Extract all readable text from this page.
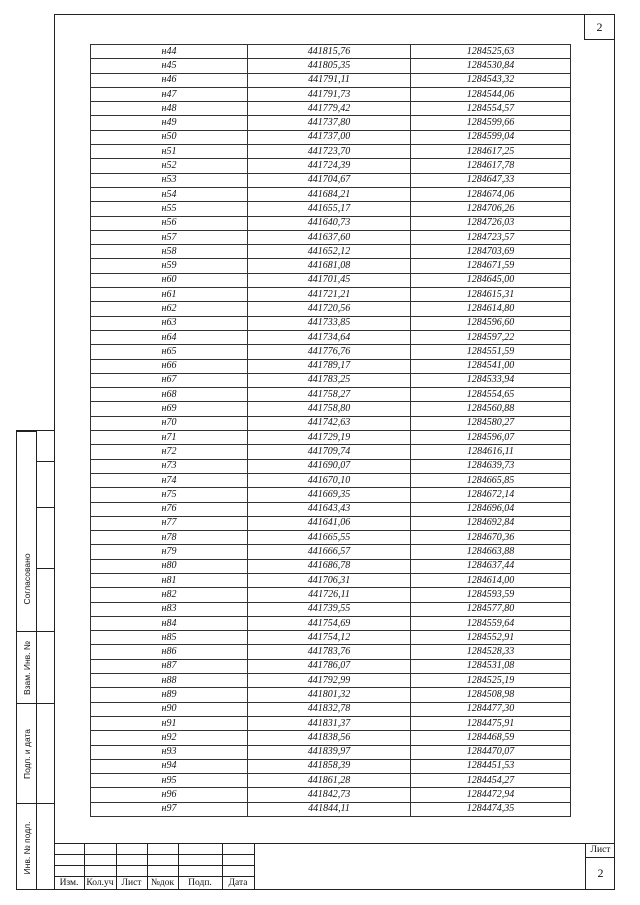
2
н44	441815,76	1284525,63
н45	441805,35	1284530,84
н46	441791,11	1284543,32
н47	441791,73	1284544,06
н48	441779,42	1284554,57
н49	441737,80	1284599,66
н50	441737,00	1284599,04
н51	441723,70	1284617,25
н52	441724,39	1284617,78
н53	441704,67	1284647,33
н54	441684,21	1284674,06
н55	441655,17	1284706,26
н56	441640,73	1284726,03
н57	441637,60	1284723,57
н58	441652,12	1284703,69
н59	441681,08	1284671,59
н60	441701,45	1284645,00
н61	441721,21	1284615,31
н62	441720,56	1284614,80
н63	441733,85	1284596,60
н64	441734,64	1284597,22
н65	441776,76	1284551,59
н66	441789,17	1284541,00
н67	441783,25	1284533,94
н68	441758,27	1284554,65
н69	441758,80	1284560,88
н70	441742,63	1284580,27
н71	441729,19	1284596,07
н72	441709,74	1284616,11
н73	441690,07	1284639,73
н74	441670,10	1284665,85
н75	441669,35	1284672,14
н76	441643,43	1284696,04
н77	441641,06	1284692,84
н78	441665,55	1284670,36
н79	441666,57	1284663,88
н80	441686,78	1284637,44
н81	441706,31	1284614,00
н82	441726,11	1284593,59
н83	441739,55	1284577,80
н84	441754,69	1284559,64
н85	441754,12	1284552,91
н86	441783,76	1284528,33
н87	441786,07	1284531,08
н88	441792,99	1284525,19
н89	441801,32	1284508,98
н90	441832,78	1284477,30
н91	441831,37	1284475,91
н92	441838,56	1284468,59
н93	441839,97	1284470,07
н94	441858,39	1284451,53
н95	441861,28	1284454,27
н96	441842,73	1284472,94
н97	441844,11	1284474,35
Согласовано
Взам. Инв. №
Подп. и дата
Инв. № подл.
Изм. Кол.уч Лист №док	Подп.	Дата
Лист
2
